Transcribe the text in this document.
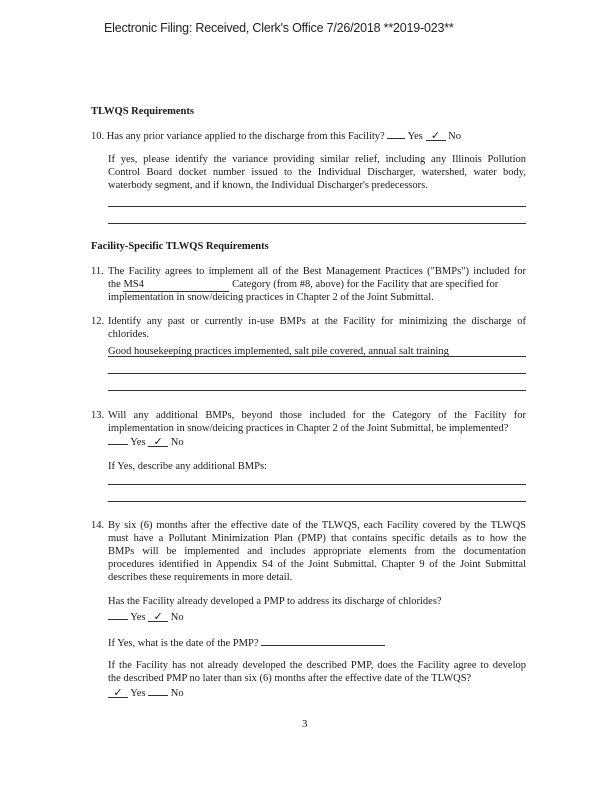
Electronic Filing: Received, Clerk's Office 7/26/2018 **2019-023**
TLWQS Requirements
10. Has any prior variance applied to the discharge from this Facility? Yes ✓ No
If yes, please identify the variance providing similar relief, including any Illinois Pollution
Control Board docket number issued to the Individual Discharger, watershed, water body,
waterbody segment, and if known, the Individual Discharger's predecessors.
Facility-Specific TLWQS Requirements
11. The Facility agrees to implement all of the Best Management Practices ("BMPs") included for
the MS4	Category (from #8, above) for the Facility that are specified for
implementation in snow/deicing practices in Chapter 2 of the Joint Submittal.
12. Identify any past or currently in-use BMPs at the Facility for minimizing the discharge of
chlorides.
Good housekeeping practices implemented, salt pile covered, annual salt training
13. Will any additional BMPs, beyond those included for the Category of the Facility for
implementation in snow/deicing practices in Chapter 2 of the Joint Submittal, be implemented?
Yes ✓ No
If Yes, describe any additional BMPs:
14. By six (6) months after the effective date of the TLWQS, each Facility covered by the TLWQS
must have a Pollutant Minimization Plan (PMP) that contains specific details as to how the
BMPs will be implemented and includes appropriate elements from the documentation
procedures identified in Appendix S4 of the Joint Submittal. Chapter 9 of the Joint Submittal
describes these requirements in more detail.
Has the Facility already developed a PMP to address its discharge of chlorides?
Yes ✓ No
If Yes, what is the date of the PMP?
If the Facility has not already developed the described PMP, does the Facility agree to develop
the described PMP no later than six (6) months after the effective date of the TLWQS?
✓ Yes No
3
